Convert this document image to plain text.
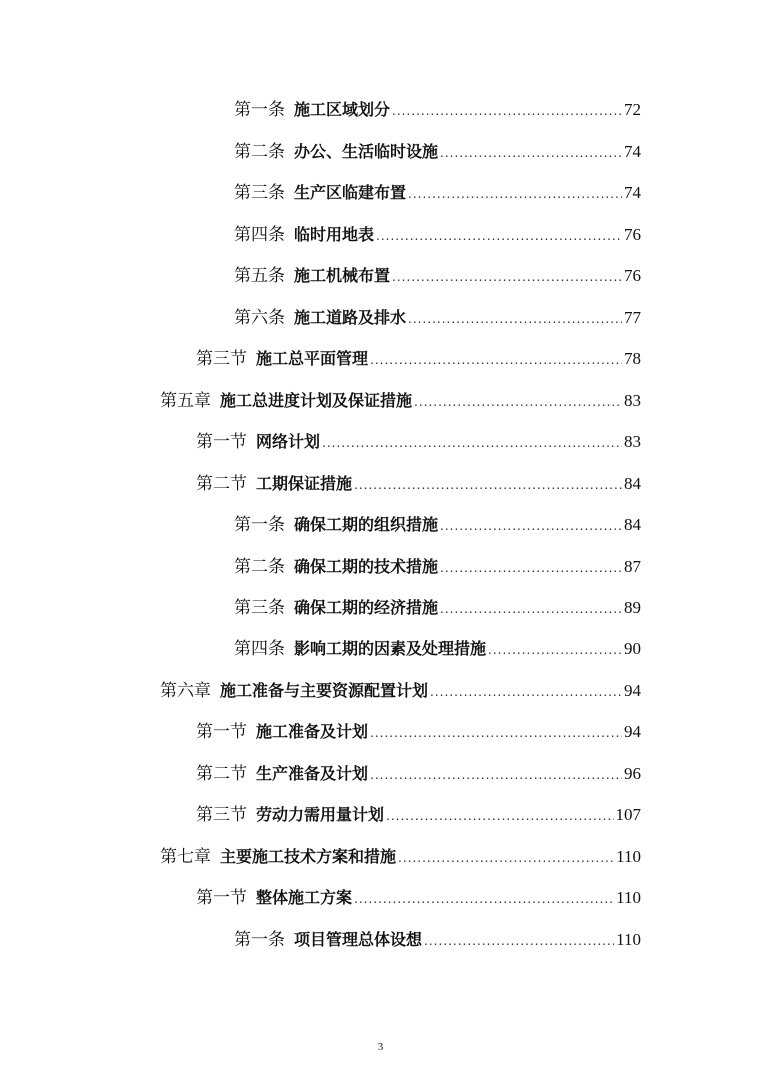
第一条 施工区域划分 .....	72
第二条 办公、生活临时设施 .....	74
第三条 生产区临建布置 .....	74
第四条 临时用地表 .....	76
第五条 施工机械布置 .....	76
第六条 施工道路及排水 .....	77
第三节 施工总平面管理 .....	78
第五章 施工总进度计划及保证措施 .....	83
第一节 网络计划 .....	83
第二节 工期保证措施 .....	84
第一条 确保工期的组织措施 .....	84
第二条 确保工期的技术措施 .....	87
第三条 确保工期的经济措施 .....	89
第四条 影响工期的因素及处理措施 .....	90
第六章 施工准备与主要资源配置计划 .....	94
第一节 施工准备及计划 .....	94
第二节 生产准备及计划 .....	96
第三节 劳动力需用量计划 .....	107
第七章 主要施工技术方案和措施 .....	110
第一节 整体施工方案 .....	110
第一条 项目管理总体设想 .....	110
3
